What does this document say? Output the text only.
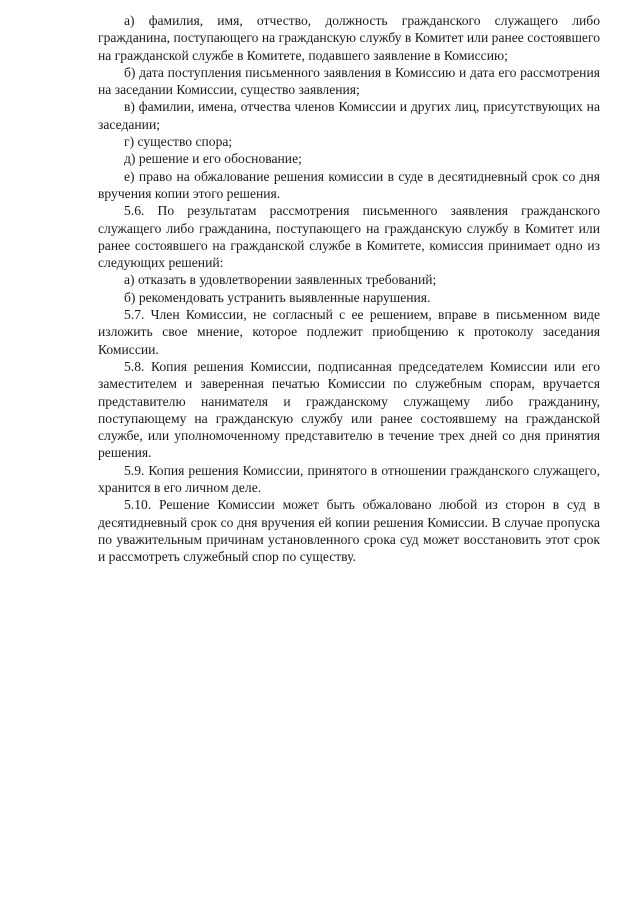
а) фамилия, имя, отчество, должность гражданского служащего либо гражданина, поступающего на гражданскую службу в Комитет или ранее состоявшего на гражданской службе в Комитете, подавшего заявление в Комиссию;

б) дата поступления письменного заявления в Комиссию и дата его рассмотрения на заседании Комиссии, существо заявления;

в) фамилии, имена, отчества членов Комиссии и других лиц, присутствующих на заседании;

г) существо спора;

д) решение и его обоснование;

е) право на обжалование решения комиссии в суде в десятидневный срок со дня вручения копии этого решения.

5.6. По результатам рассмотрения письменного заявления гражданского служащего либо гражданина, поступающего на гражданскую службу в Комитет или ранее состоявшего на гражданской службе в Комитете, комиссия принимает одно из следующих решений:

а) отказать в удовлетворении заявленных требований;

б) рекомендовать устранить выявленные нарушения.

5.7. Член Комиссии, не согласный с ее решением, вправе в письменном виде изложить свое мнение, которое подлежит приобщению к протоколу заседания Комиссии.

5.8. Копия решения Комиссии, подписанная председателем Комиссии или его заместителем и заверенная печатью Комиссии по служебным спорам, вручается представителю нанимателя и гражданскому служащему либо гражданину, поступающему на гражданскую службу или ранее состоявшему на гражданской службе, или уполномоченному представителю в течение трех дней со дня принятия решения.

5.9. Копия решения Комиссии, принятого в отношении гражданского служащего, хранится в его личном деле.

5.10. Решение Комиссии может быть обжаловано любой из сторон в суд в десятидневный срок со дня вручения ей копии решения Комиссии. В случае пропуска по уважительным причинам установленного срока суд может восстановить этот срок и рассмотреть служебный спор по существу.
